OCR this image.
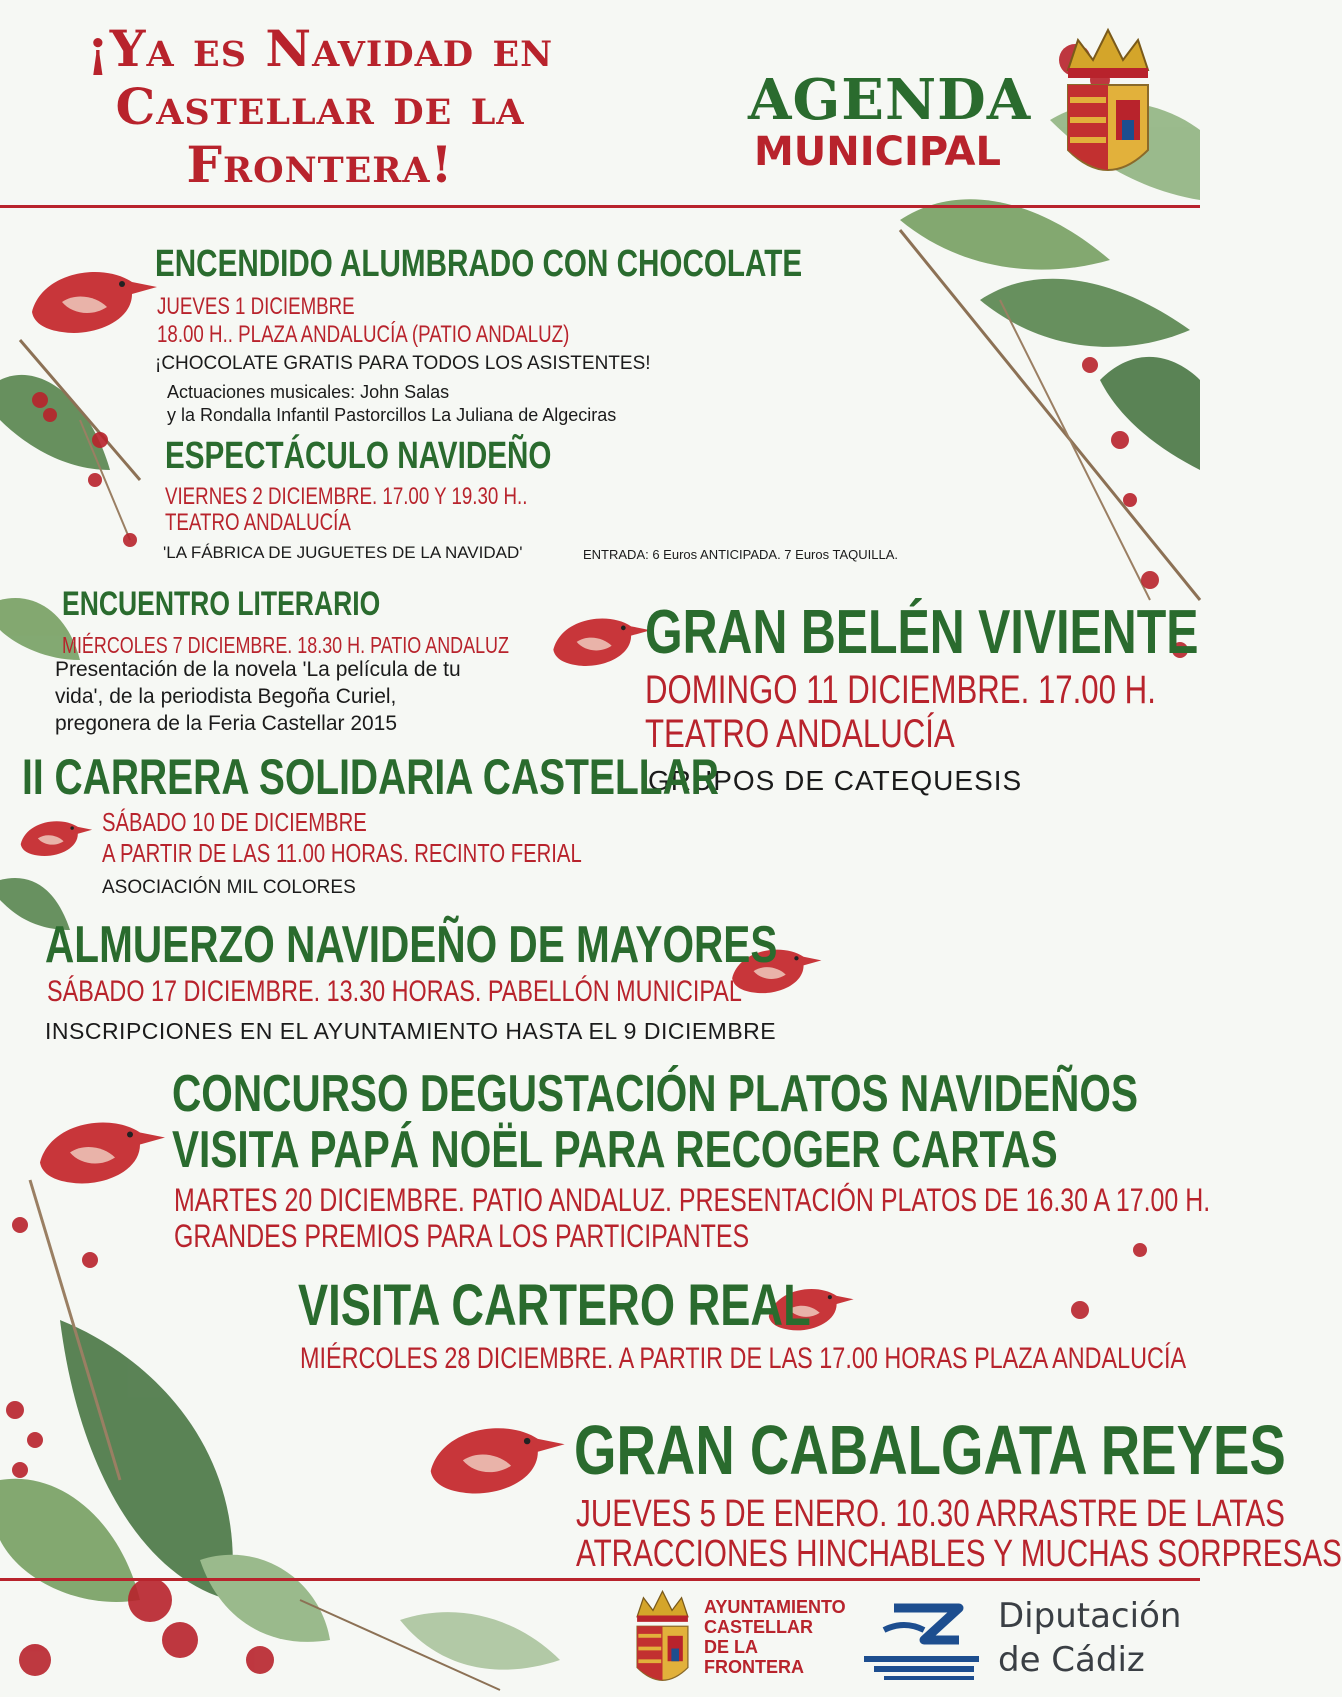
¡Ya es Navidad en
Castellar de la
Frontera!
AGENDA
MUNICIPAL
ENCENDIDO ALUMBRADO CON CHOCOLATE
JUEVES 1 DICIEMBRE
18.00 H.. PLAZA ANDALUCÍA (PATIO ANDALUZ)
¡CHOCOLATE GRATIS PARA TODOS LOS ASISTENTES!
Actuaciones musicales: John Salas
y la Rondalla Infantil Pastorcillos La Juliana de Algeciras
ESPECTÁCULO NAVIDEÑO
VIERNES 2 DICIEMBRE. 17.00 Y 19.30 H..
TEATRO ANDALUCÍA
'LA FÁBRICA DE JUGUETES DE LA NAVIDAD'	ENTRADA: 6 Euros ANTICIPADA. 7 Euros TAQUILLA.
ENCUENTRO LITERARIO
MIÉRCOLES 7 DICIEMBRE. 18.30 H. PATIO ANDALUZ
Presentación de la novela 'La película de tu
vida', de la periodista Begoña Curiel,
pregonera de la Feria Castellar 2015
GRAN BELÉN VIVIENTE
DOMINGO 11 DICIEMBRE. 17.00 H.
TEATRO ANDALUCÍA
GRUPOS DE CATEQUESIS
II CARRERA SOLIDARIA CASTELLAR
SÁBADO 10 DE DICIEMBRE
A PARTIR DE LAS 11.00 HORAS. RECINTO FERIAL
ASOCIACIÓN MIL COLORES
ALMUERZO NAVIDEÑO DE MAYORES
SÁBADO 17 DICIEMBRE. 13.30 HORAS. PABELLÓN MUNICIPAL
INSCRIPCIONES EN EL AYUNTAMIENTO HASTA EL 9 DICIEMBRE
CONCURSO DEGUSTACIÓN PLATOS NAVIDEÑOS
VISITA PAPÁ NOËL PARA RECOGER CARTAS
MARTES 20 DICIEMBRE. PATIO ANDALUZ. PRESENTACIÓN PLATOS DE 16.30 A 17.00 H.
GRANDES PREMIOS PARA LOS PARTICIPANTES
VISITA CARTERO REAL
MIÉRCOLES 28 DICIEMBRE. A PARTIR DE LAS 17.00 HORAS PLAZA ANDALUCÍA
GRAN CABALGATA REYES
JUEVES 5 DE ENERO. 10.30 ARRASTRE DE LATAS
ATRACCIONES HINCHABLES Y MUCHAS SORPRESAS
AYUNTAMIENTO
CASTELLAR
DE LA
FRONTERA
Diputación
de Cádiz
